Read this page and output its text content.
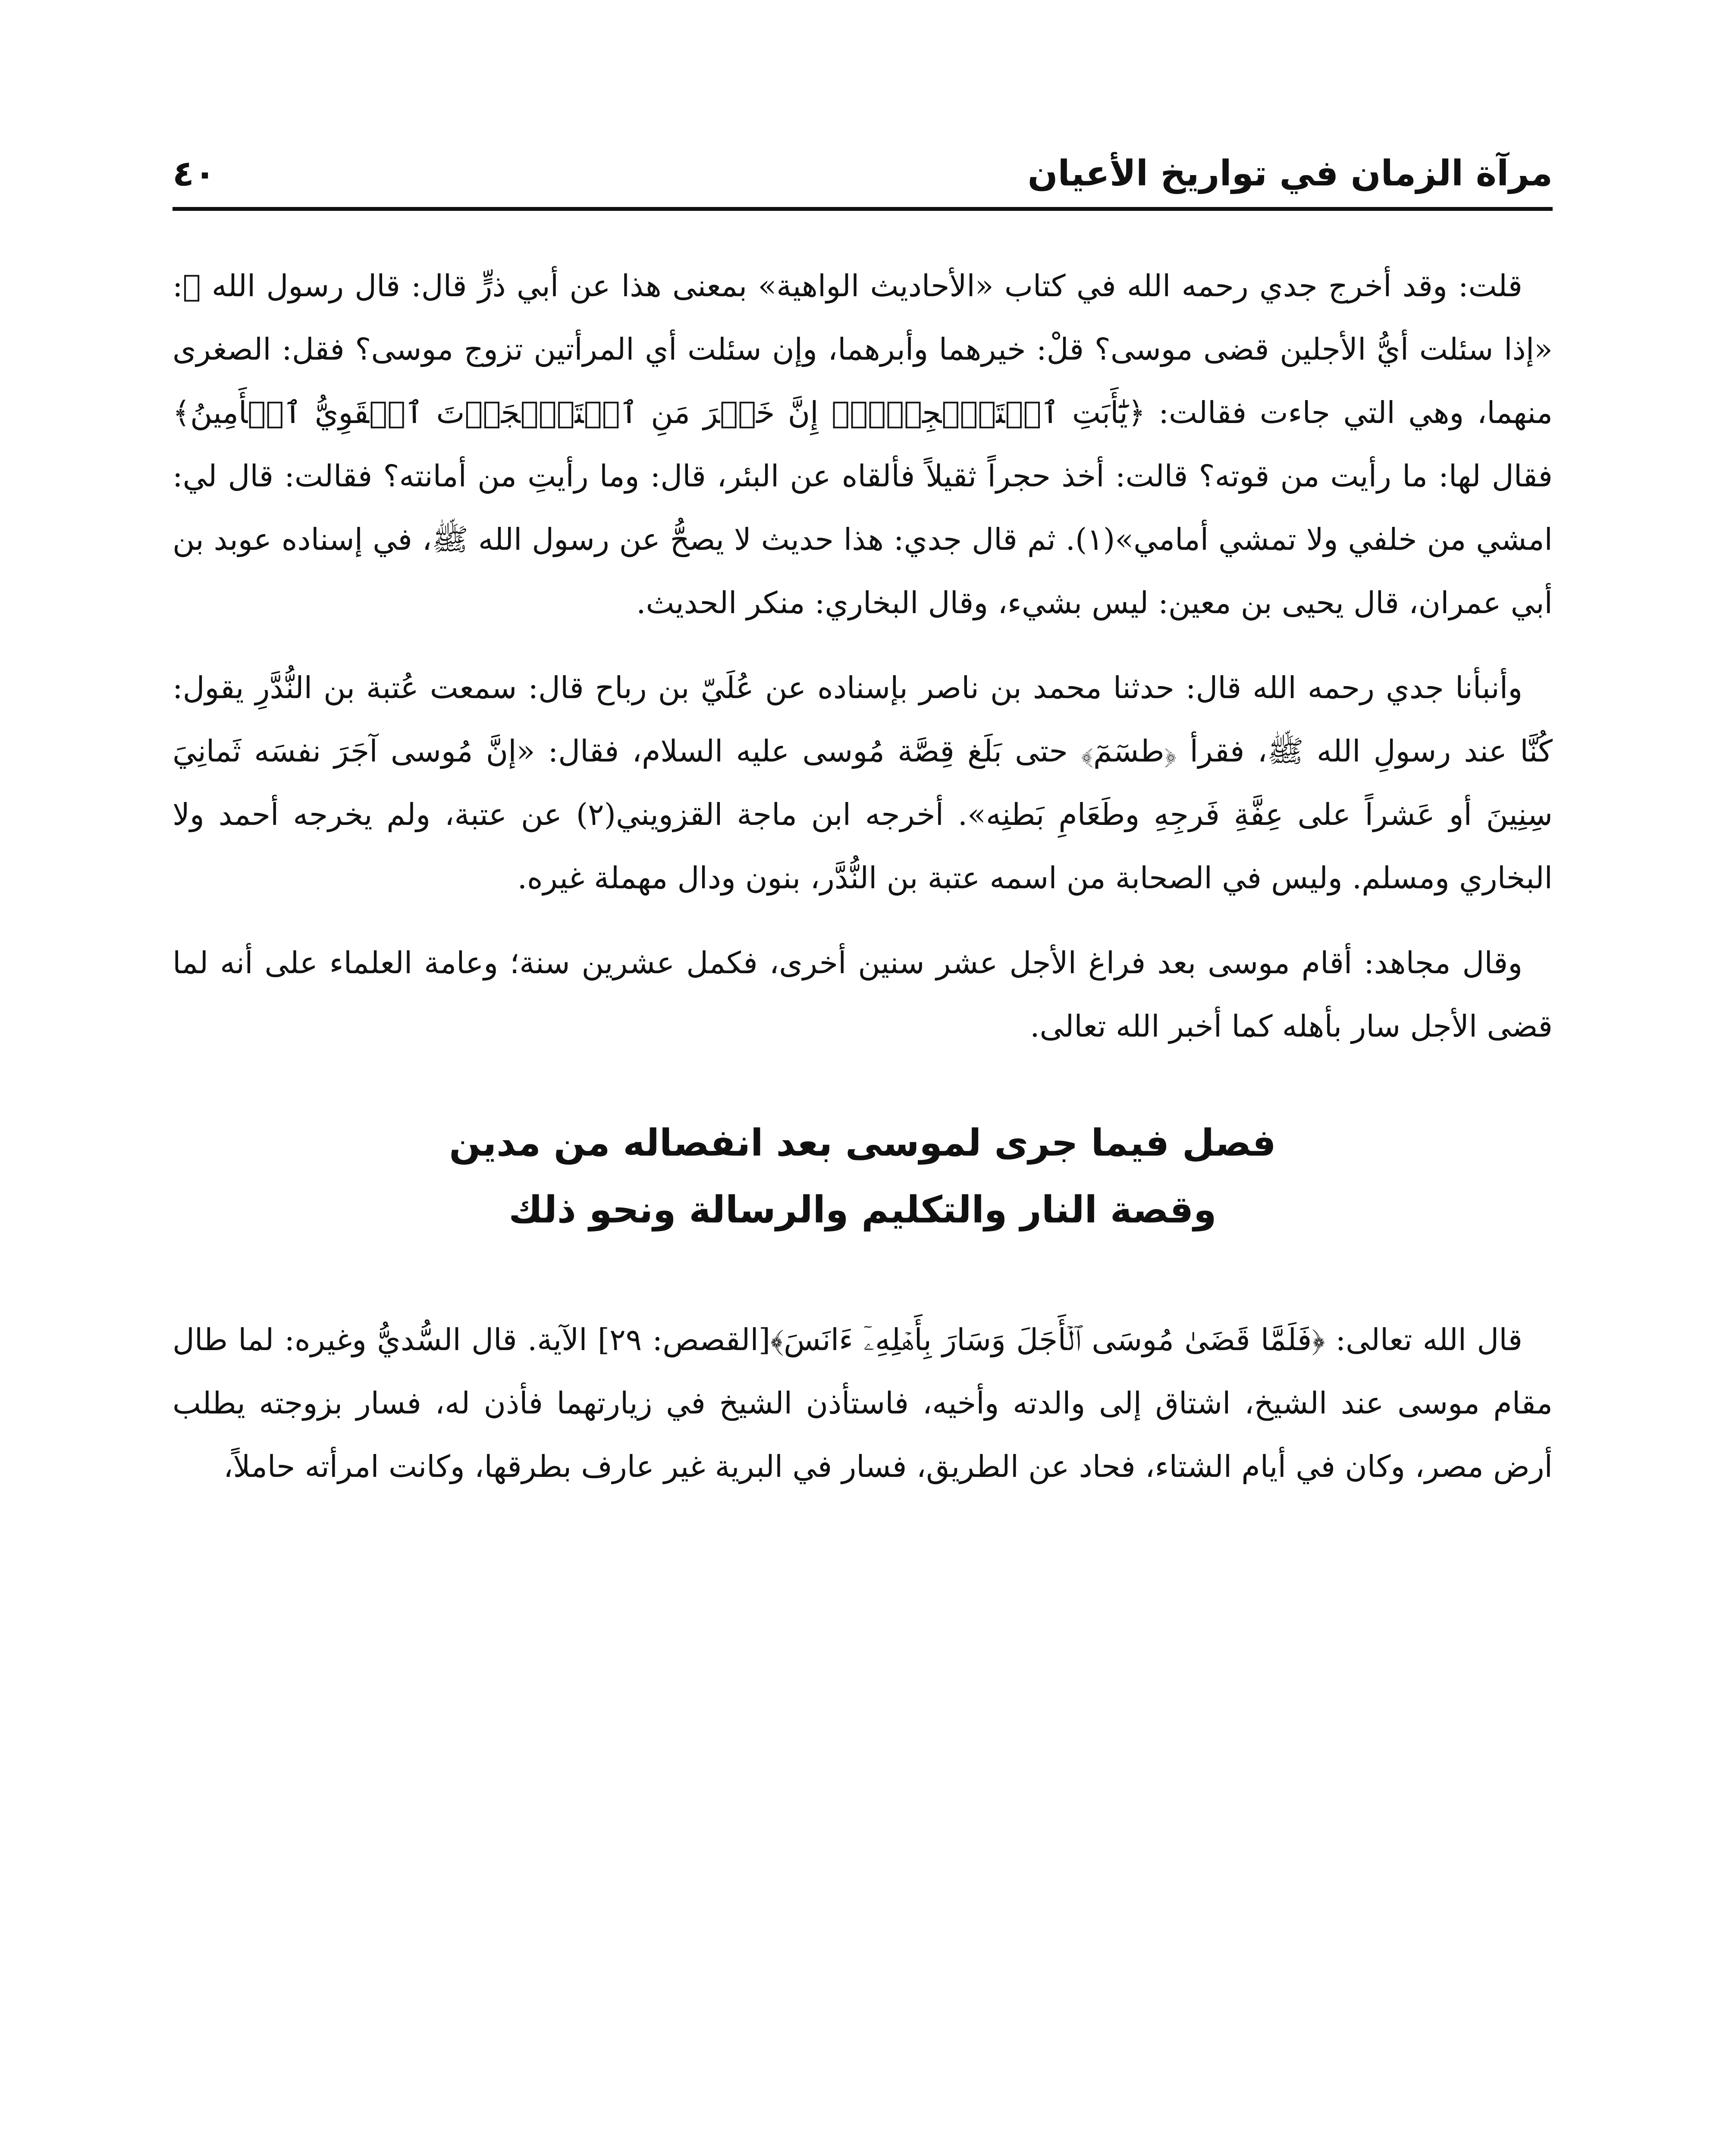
مرآة الزمان في تواريخ الأعيان
٤٠

قلت: وقد أخرج جدي رحمه الله في كتاب «الأحاديث الواهية» بمعنى هذا عن أبي ذرٍّ قال: قال رسول الله ﷺ: «إذا سئلت أيُّ الأجلين قضى موسى؟ قلْ: خيرهما وأبرهما، وإن سئلت أي المرأتين تزوج موسى؟ فقل: الصغرى منهما، وهي التي جاءت فقالت: ﴿يَٰٓأَبَتِ ٱسۡتَـٔۡجِرۡهُۖ إِنَّ خَيۡرَ مَنِ ٱسۡتَـٔۡجَرۡتَ ٱلۡقَوِيُّ ٱلۡأَمِينُ﴾ فقال لها: ما رأيت من قوته؟ قالت: أخذ حجراً ثقيلاً فألقاه عن البئر، قال: وما رأيتِ من أمانته؟ فقالت: قال لي: امشي من خلفي ولا تمشي أمامي»(١). ثم قال جدي: هذا حديث لا يصحُّ عن رسول الله ﷺ، في إسناده عوبد بن أبي عمران، قال يحيى بن معين: ليس بشيء، وقال البخاري: منكر الحديث.

وأنبأنا جدي رحمه الله قال: حدثنا محمد بن ناصر بإسناده عن عُلَيّ بن رباح قال: سمعت عُتبة بن النُّدَّرِ يقول: كُنَّا عند رسولِ الله ﷺ، فقرأ ﴿طسٓمٓ﴾ حتى بَلَغ قِصَّة مُوسى عليه السلام، فقال: «إنَّ مُوسى آجَرَ نفسَه ثَمانِيَ سِنِينَ أو عَشراً على عِفَّةِ فَرجِهِ وطَعَامِ بَطنِه». أخرجه ابن ماجة القزويني(٢) عن عتبة، ولم يخرجه أحمد ولا البخاري ومسلم. وليس في الصحابة من اسمه عتبة بن النُّدَّر، بنون ودال مهملة غيره.

وقال مجاهد: أقام موسى بعد فراغ الأجل عشر سنين أخرى، فكمل عشرين سنة؛ وعامة العلماء على أنه لما قضى الأجل سار بأهله كما أخبر الله تعالى.

فصل فيما جرى لموسى بعد انفصاله من مدين
وقصة النار والتكليم والرسالة ونحو ذلك

قال الله تعالى: ﴿فَلَمَّا قَضَىٰ مُوسَى ٱلۡأَجَلَ وَسَارَ بِأَهۡلِهِۦٓ ءَانَسَ﴾[القصص: ٢٩] الآية. قال السُّديُّ وغيره: لما طال مقام موسى عند الشيخ، اشتاق إلى والدته وأخيه، فاستأذن الشيخ في زيارتهما فأذن له، فسار بزوجته يطلب أرض مصر، وكان في أيام الشتاء، فحاد عن الطريق، فسار في البرية غير عارف بطرقها، وكانت امرأته حاملاً،
